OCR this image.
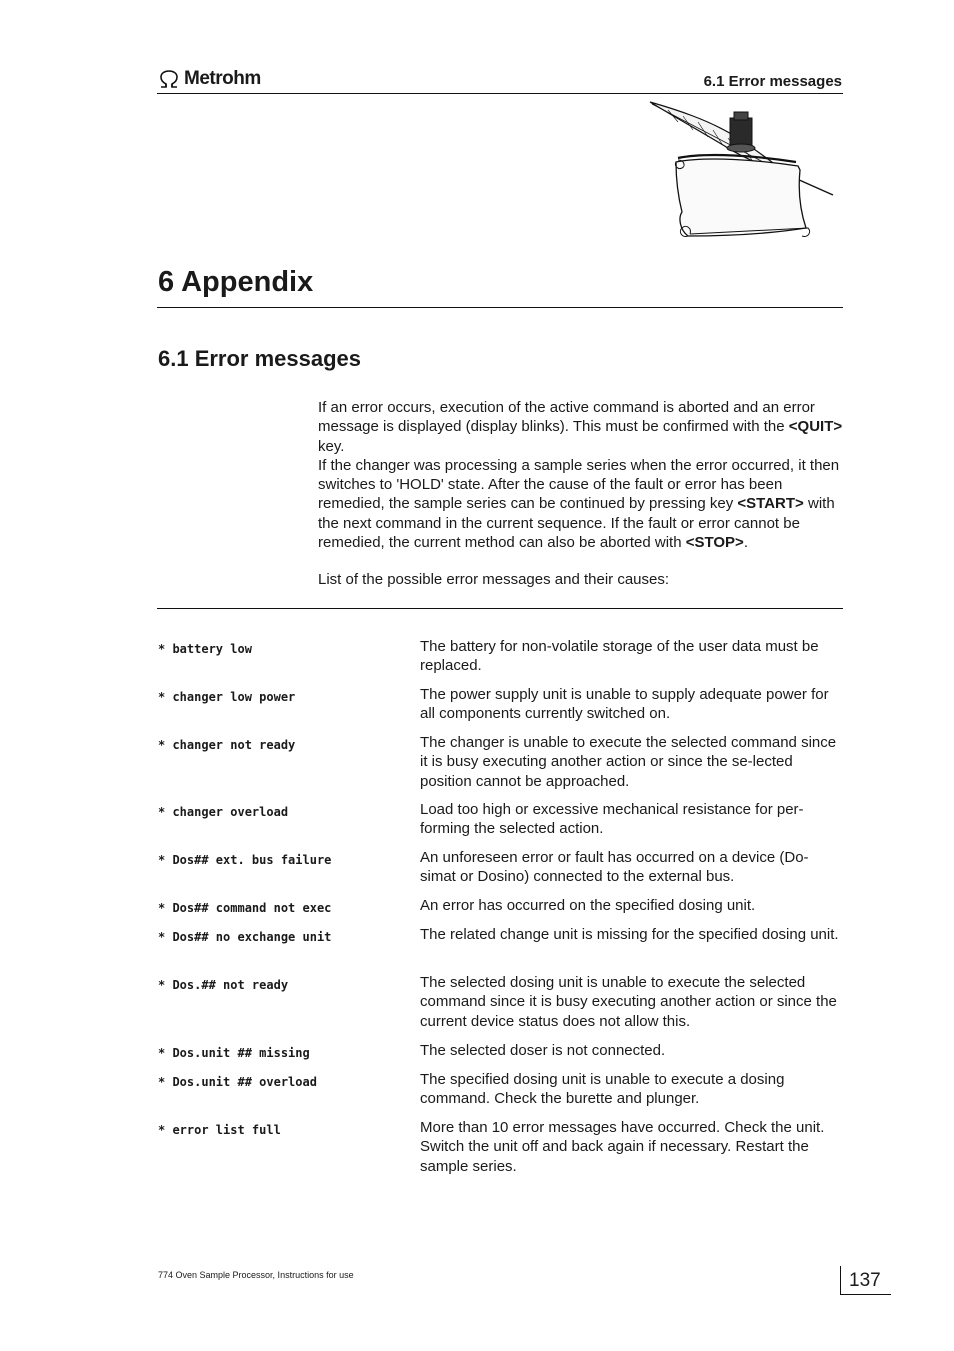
Metrohm	6.1 Error messages
6 Appendix
6.1 Error messages

If an error occurs, execution of the active command is aborted and an error message is displayed (display blinks). This must be confirmed with the <QUIT> key.

If the changer was processing a sample series when the error occurred, it then switches to 'HOLD' state. After the cause of the fault or error has been remedied, the sample series can be continued by pressing key <START> with the next command in the current sequence. If the fault or error cannot be remedied, the current method can also be aborted with <STOP>.

List of the possible error messages and their causes:
* battery low	The battery for non-volatile storage of the user data must be replaced.
* changer low power	The power supply unit is unable to supply adequate power for all components currently switched on.
* changer not ready	The changer is unable to execute the selected command since it is busy executing another action or since the se-lected position cannot be approached.
* changer overload	Load too high or excessive mechanical resistance for per-forming the selected action.
* Dos## ext. bus failure	An unforeseen error or fault has occurred on a device (Do-simat or Dosino) connected to the external bus.
* Dos## command not exec	An error has occurred on the specified dosing unit.
* Dos## no exchange unit	The related change unit is missing for the specified dosing unit.
* Dos.## not ready	The selected dosing unit is unable to execute the selected command since it is busy executing another action or since the current device status does not allow this.
* Dos.unit ## missing	The selected doser is not connected.
* Dos.unit ## overload	The specified dosing unit is unable to execute a dosing command. Check the burette and plunger.
* error list full	More than 10 error messages have occurred. Check the unit. Switch the unit off and back again if necessary. Restart the sample series.
774 Oven Sample Processor, Instructions for use	137
